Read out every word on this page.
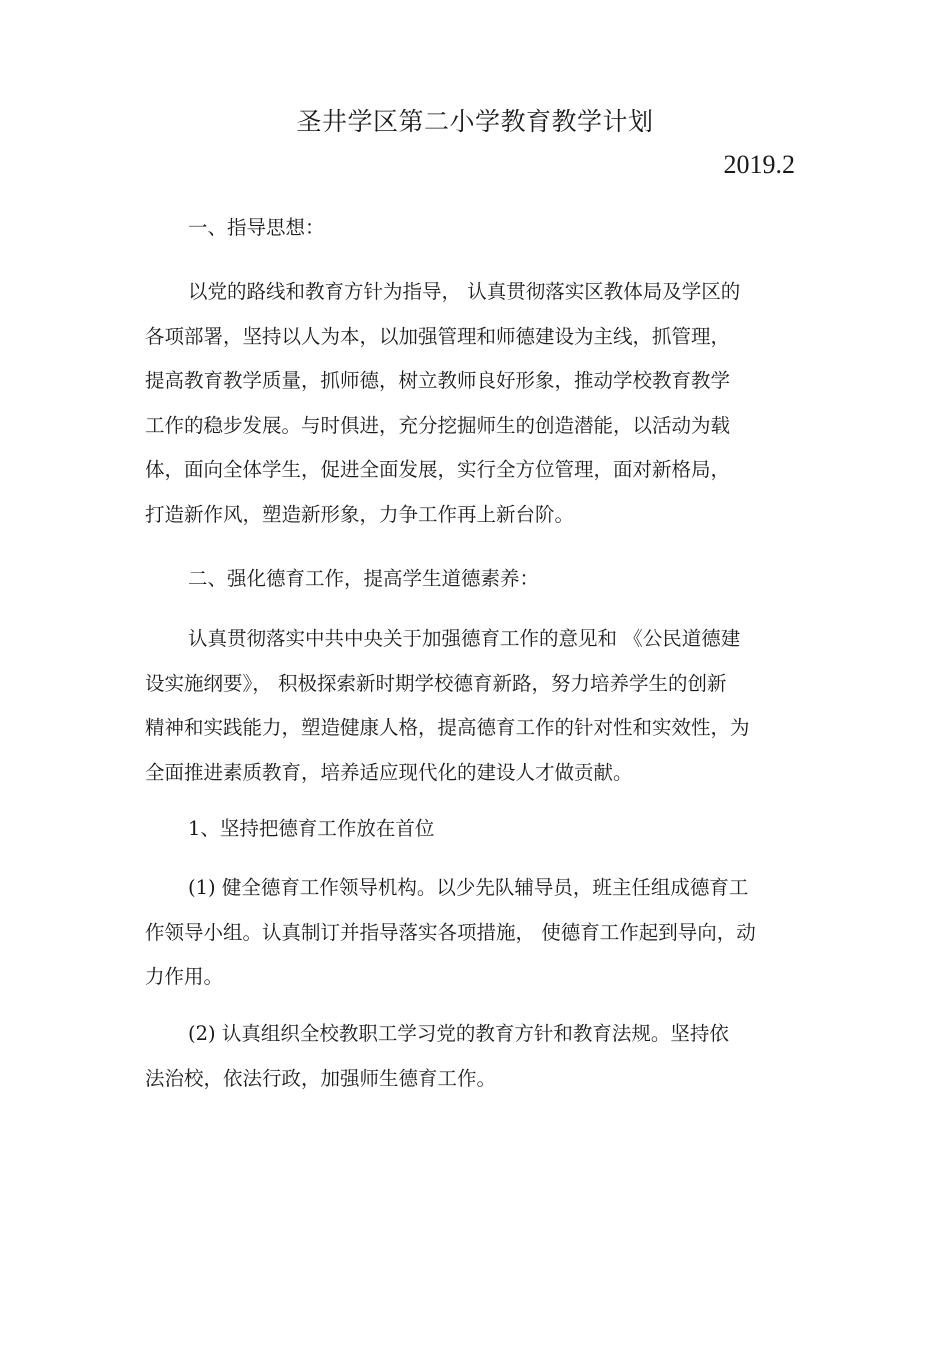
圣井学区第二小学教育教学计划
2019.2
一、指导思想：
以党的路线和教育方针为指导， 认真贯彻落实区教体局及学区的
各项部署，坚持以人为本，以加强管理和师德建设为主线，抓管理，
提高教育教学质量，抓师德，树立教师良好形象，推动学校教育教学
工作的稳步发展。与时俱进，充分挖掘师生的创造潜能，以活动为载
体，面向全体学生，促进全面发展，实行全方位管理，面对新格局，
打造新作风，塑造新形象，力争工作再上新台阶。
二、强化德育工作，提高学生道德素养：
认真贯彻落实中共中央关于加强德育工作的意见和 《公民道德建
设实施纲要》， 积极探索新时期学校德育新路，努力培养学生的创新
精神和实践能力，塑造健康人格，提高德育工作的针对性和实效性，为
全面推进素质教育，培养适应现代化的建设人才做贡献。
1、坚持把德育工作放在首位
(1) 健全德育工作领导机构。以少先队辅导员，班主任组成德育工
作领导小组。认真制订并指导落实各项措施， 使德育工作起到导向，动
力作用。
(2) 认真组织全校教职工学习党的教育方针和教育法规。坚持依
法治校，依法行政，加强师生德育工作。
